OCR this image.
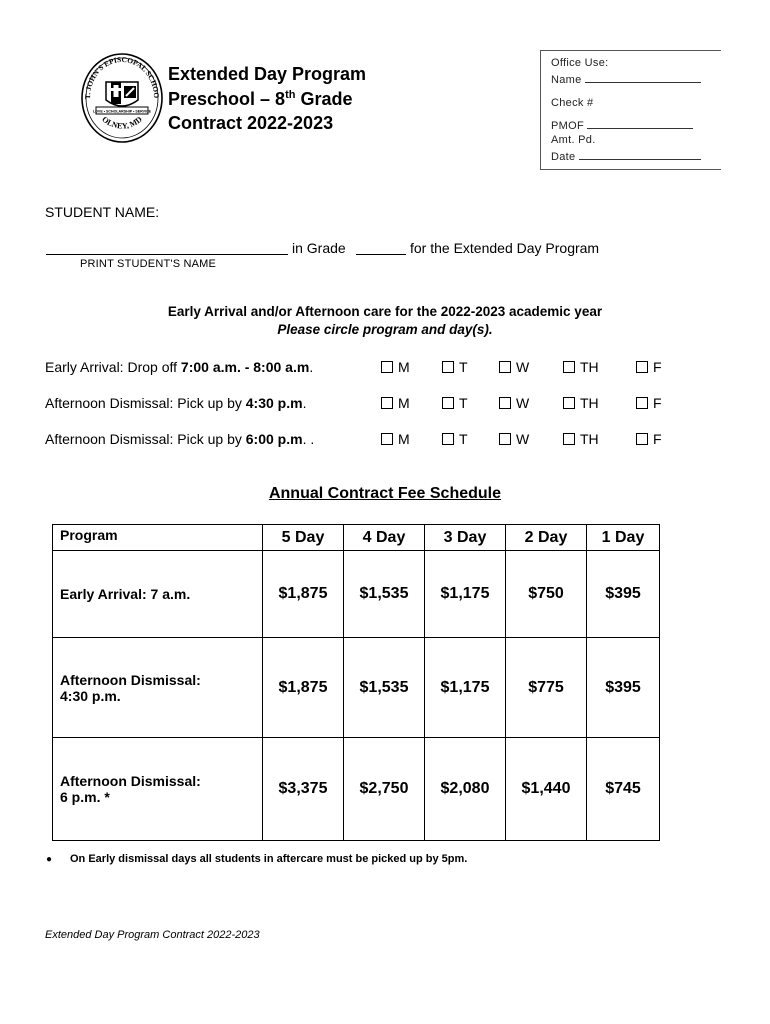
T. JOHN'S EPISCOPAL SCHOO
OLNEY, MD
LOVE • SCHOLARSHIP • SERVICE
Extended Day Program
Preschool – 8th Grade
Contract 2022-2023
Office Use:
Name
Check #
PMOF
Amt. Pd.
Date
STUDENT NAME:
in Grade	for the Extended Day Program
PRINT STUDENT'S NAME
Early Arrival and/or Afternoon care for the 2022-2023 academic year
Please circle program and day(s).
Early Arrival: Drop off 7:00 a.m. - 8:00 a.m.
Afternoon Dismissal: Pick up by 4:30 p.m.
Afternoon Dismissal: Pick up by 6:00 p.m. .
M	T	W	TH	F
M	T	W	TH	F
M	T	W	TH	F
Annual Contract Fee Schedule
Program	5 Day	4 Day	3 Day	2 Day	1 Day

Early Arrival: 7 a.m.	$1,875	$1,535	$1,175	$750	$395

Afternoon Dismissal:
4:30 p.m.	$1,875	$1,535	$1,175	$775	$395

Afternoon Dismissal:
6 p.m. *	$3,375	$2,750	$2,080	$1,440	$745
● On Early dismissal days all students in aftercare must be picked up by 5pm.
Extended Day Program Contract 2022-2023
